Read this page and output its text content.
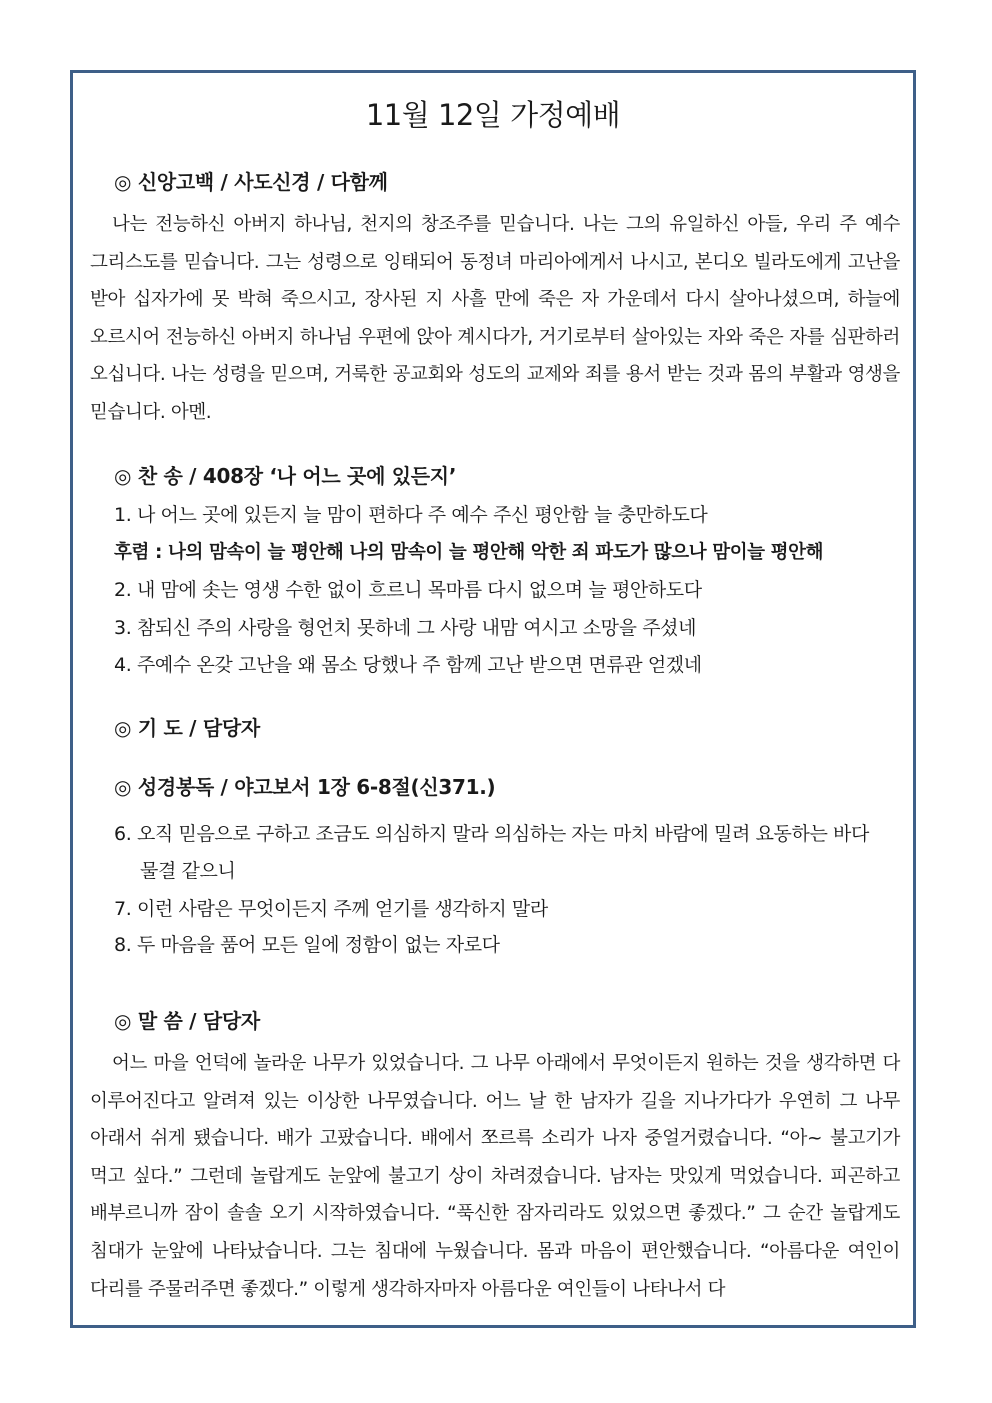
11월 12일 가정예배
◎ 신앙고백 / 사도신경 / 다함께
나는 전능하신 아버지 하나님, 천지의 창조주를 믿습니다. 나는 그의 유일하신 아들, 우리 주 예수 그리스도를 믿습니다. 그는 성령으로 잉태되어 동정녀 마리아에게서 나시고, 본디오 빌라도에게 고난을 받아 십자가에 못 박혀 죽으시고, 장사된 지 사흘 만에 죽은 자 가운데서 다시 살아나셨으며, 하늘에 오르시어 전능하신 아버지 하나님 우편에 앉아 계시다가, 거기로부터 살아있는 자와 죽은 자를 심판하러 오십니다. 나는 성령을 믿으며, 거룩한 공교회와 성도의 교제와 죄를 용서 받는 것과 몸의 부활과 영생을 믿습니다. 아멘.
◎ 찬 송 / 408장 ‘나 어느 곳에 있든지’
1. 나 어느 곳에 있든지 늘 맘이 편하다 주 예수 주신 평안함 늘 충만하도다
후렴 : 나의 맘속이 늘 평안해 나의 맘속이 늘 평안해 악한 죄 파도가 많으나 맘이늘 평안해
2. 내 맘에 솟는 영생 수한 없이 흐르니 목마름 다시 없으며 늘 평안하도다
3. 참되신 주의 사랑을 형언치 못하네 그 사랑 내맘 여시고 소망을 주셨네
4. 주예수 온갖 고난을 왜 몸소 당했나 주 함께 고난 받으면 면류관 얻겠네
◎ 기 도 / 담당자
◎ 성경봉독 / 야고보서 1장 6-8절(신371.)
6. 오직 믿음으로 구하고 조금도 의심하지 말라 의심하는 자는 마치 바람에 밀려 요동하는 바다
물결 같으니
7. 이런 사람은 무엇이든지 주께 얻기를 생각하지 말라
8. 두 마음을 품어 모든 일에 정함이 없는 자로다
◎ 말 씀 / 담당자
어느 마을 언덕에 놀라운 나무가 있었습니다. 그 나무 아래에서 무엇이든지 원하는 것을 생각하면 다 이루어진다고 알려져 있는 이상한 나무였습니다. 어느 날 한 남자가 길을 지나가다가 우연히 그 나무 아래서 쉬게 됐습니다. 배가 고팠습니다. 배에서 쪼르륵 소리가 나자 중얼거렸습니다. “아~ 불고기가 먹고 싶다.” 그런데 놀랍게도 눈앞에 불고기 상이 차려졌습니다. 남자는 맛있게 먹었습니다. 피곤하고 배부르니까 잠이 솔솔 오기 시작하였습니다. “푹신한 잠자리라도 있었으면 좋겠다.” 그 순간 놀랍게도 침대가 눈앞에 나타났습니다. 그는 침대에 누웠습니다. 몸과 마음이 편안했습니다. “아름다운 여인이 다리를 주물러주면 좋겠다.” 이렇게 생각하자마자 아름다운 여인들이 나타나서 다
